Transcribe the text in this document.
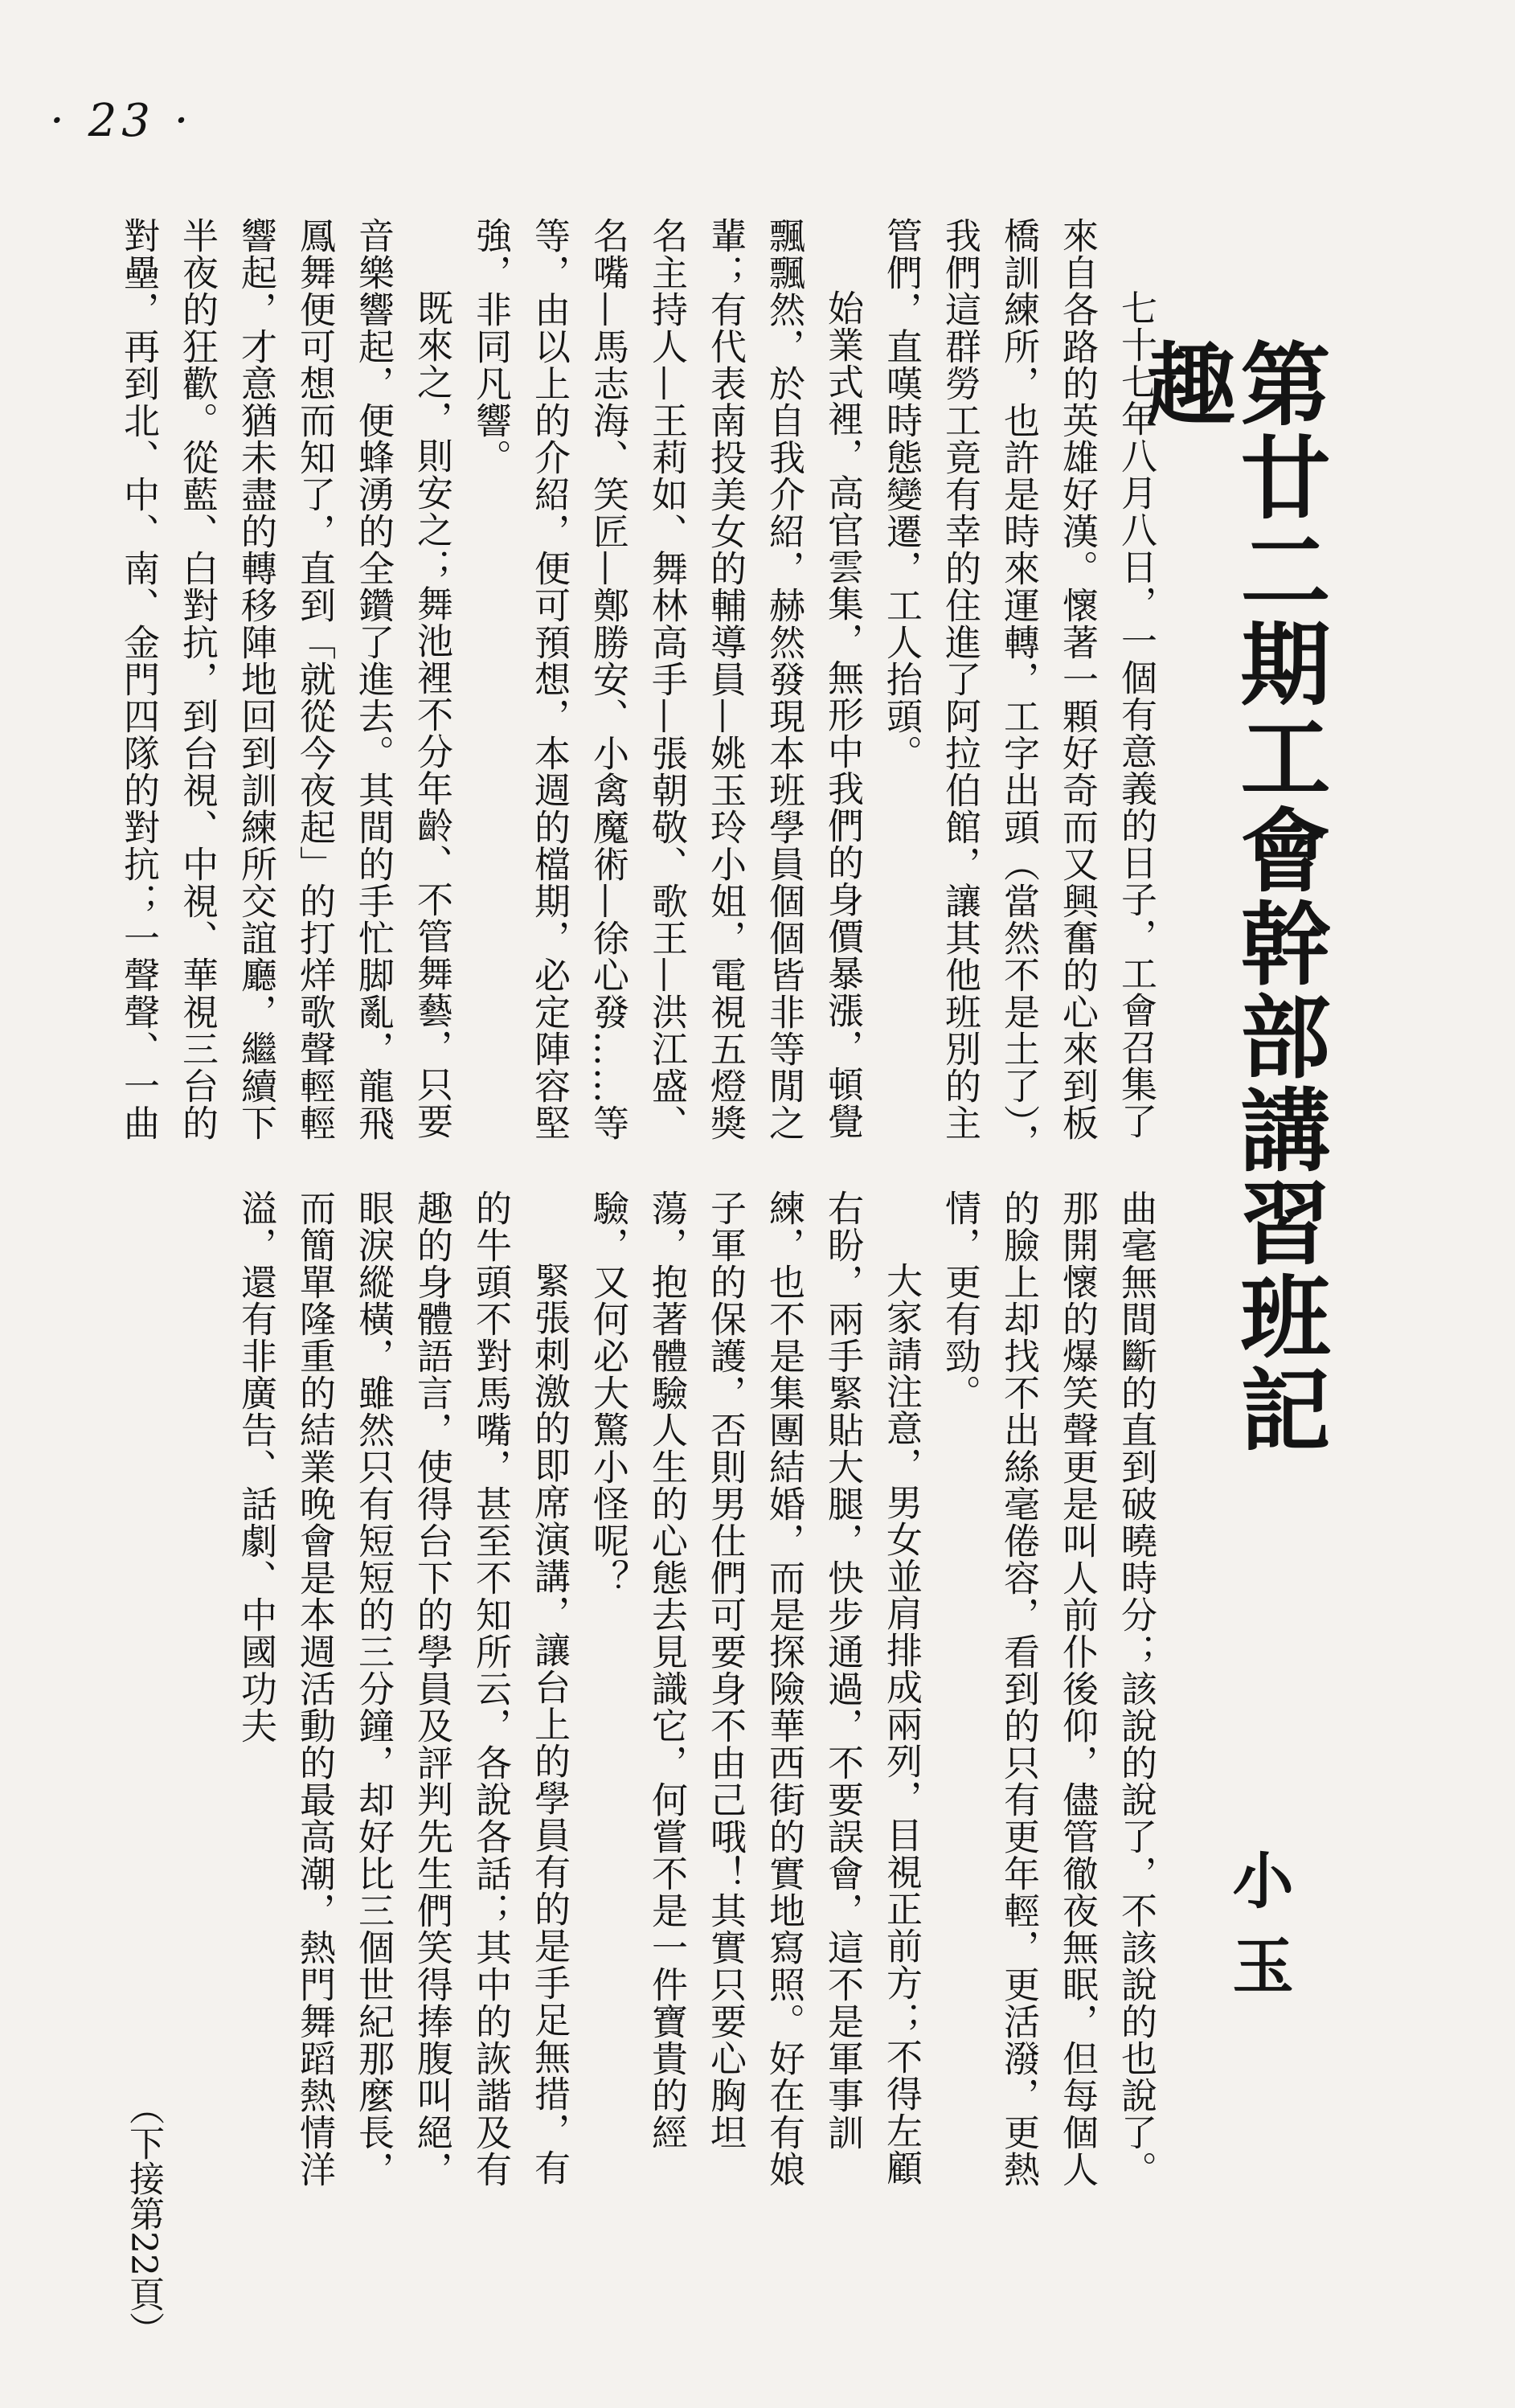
· 23 ·
第廿二期工會幹部講習班記趣
小玉

七十七年八月八日，一個有意義的日子，工會召集了來自各路的英雄好漢。懷著一顆好奇而又興奮的心來到板橋訓練所，也許是時來運轉，工字出頭（當然不是土了），我們這群勞工竟有幸的住進了阿拉伯館，讓其他班別的主管們，直嘆時態變遷，工人抬頭。

始業式裡，高官雲集，無形中我們的身價暴漲，頓覺飄飄然，於自我介紹，赫然發現本班學員個個皆非等閒之輩；有代表南投美女的輔導員—姚玉玲小姐，電視五燈獎名主持人—王莉如、舞林高手—張朝敬、歌王—洪江盛、名嘴—馬志海、笑匠—鄭勝安、小禽魔術—徐心發……等等，由以上的介紹，便可預想，本週的檔期，必定陣容堅強，非同凡響。

既來之，則安之；舞池裡不分年齡、不管舞藝，只要音樂響起，便蜂湧的全鑽了進去。其間的手忙脚亂，龍飛鳳舞便可想而知了，直到「就從今夜起」的打烊歌聲輕輕響起，才意猶未盡的轉移陣地回到訓練所交誼廳，繼續下半夜的狂歡。從藍、白對抗，到台視、中視、華視三台的對壘，再到北、中、南、金門四隊的對抗；一聲聲、一曲

曲毫無間斷的直到破曉時分；該說的說了，不該說的也說了。那開懷的爆笑聲更是叫人前仆後仰，儘管徹夜無眠，但每個人的臉上却找不出絲毫倦容，看到的只有更年輕，更活潑，更熱情，更有勁。

大家請注意，男女並肩排成兩列，目視正前方；不得左顧右盼，兩手緊貼大腿，快步通過，不要誤會，這不是軍事訓練，也不是集團結婚，而是探險華西街的實地寫照。好在有娘子軍的保護，否則男仕們可要身不由己哦！其實只要心胸坦蕩，抱著體驗人生的心態去見識它，何嘗不是一件寶貴的經驗，又何必大驚小怪呢？

緊張刺激的即席演講，讓台上的學員有的是手足無措，有的牛頭不對馬嘴，甚至不知所云，各說各話；其中的詼諧及有趣的身體語言，使得台下的學員及評判先生們笑得捧腹叫絕，眼淚縱橫，雖然只有短短的三分鐘，却好比三個世紀那麼長，而簡單隆重的結業晚會是本週活動的最高潮，熱門舞蹈熱情洋溢，還有非廣告、話劇、中國功夫

（下接第22頁）
